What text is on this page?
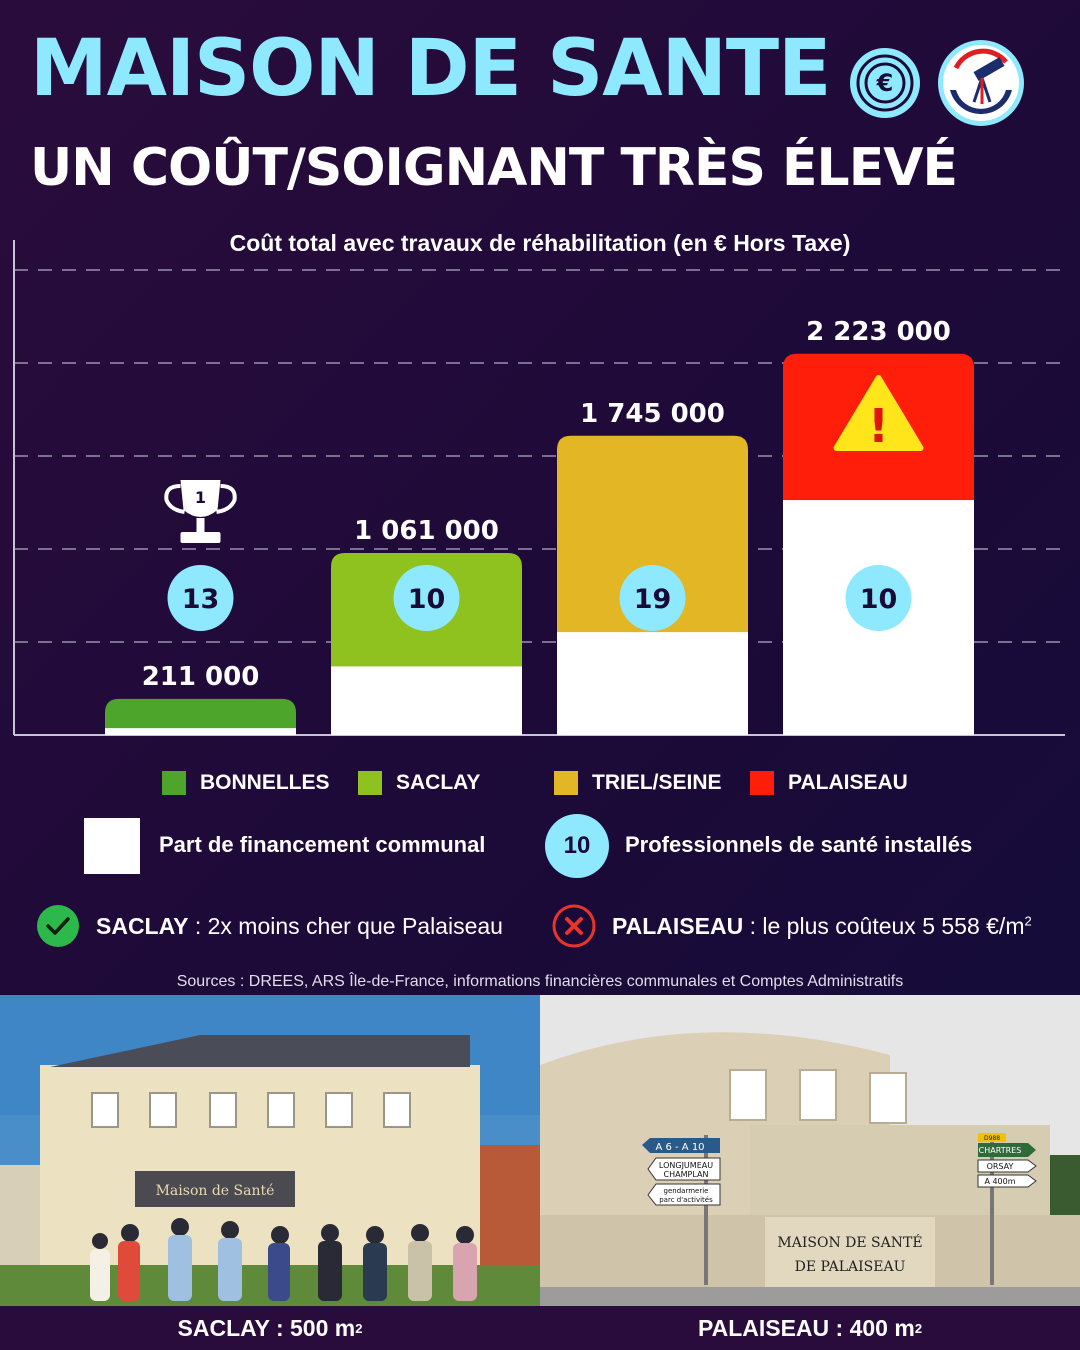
MAISON DE SANTE €
UN COÛT/SOIGNANT TRÈS ÉLEVÉ
Coût total avec travaux de réhabilitation (en € Hors Taxe)
211 000
13
1 061 000
10
1 745 000
19
2 223 000
10
1
!
BONNELLES	SACLAY	TRIEL/SEINE	PALAISEAU
Part de financement communal	10	Professionnels de santé installés
SACLAY : 2x moins cher que Palaiseau	PALAISEAU : le plus coûteux 5 558 $€/m^2$
Sources : DREES, ARS Île-de-France, informations financières communales et Comptes Administratifs
Maison de Santé
MAISON DE SANTÉ
DE PALAISEAU
A 6 - A 10
LONGJUMEAU
CHAMPLAN
gendarmerie
parc d'activités
D988
CHARTRES
ORSAY
A 400m
SACLAY : 500 m 2	PALAISEAU : 400 m 2
